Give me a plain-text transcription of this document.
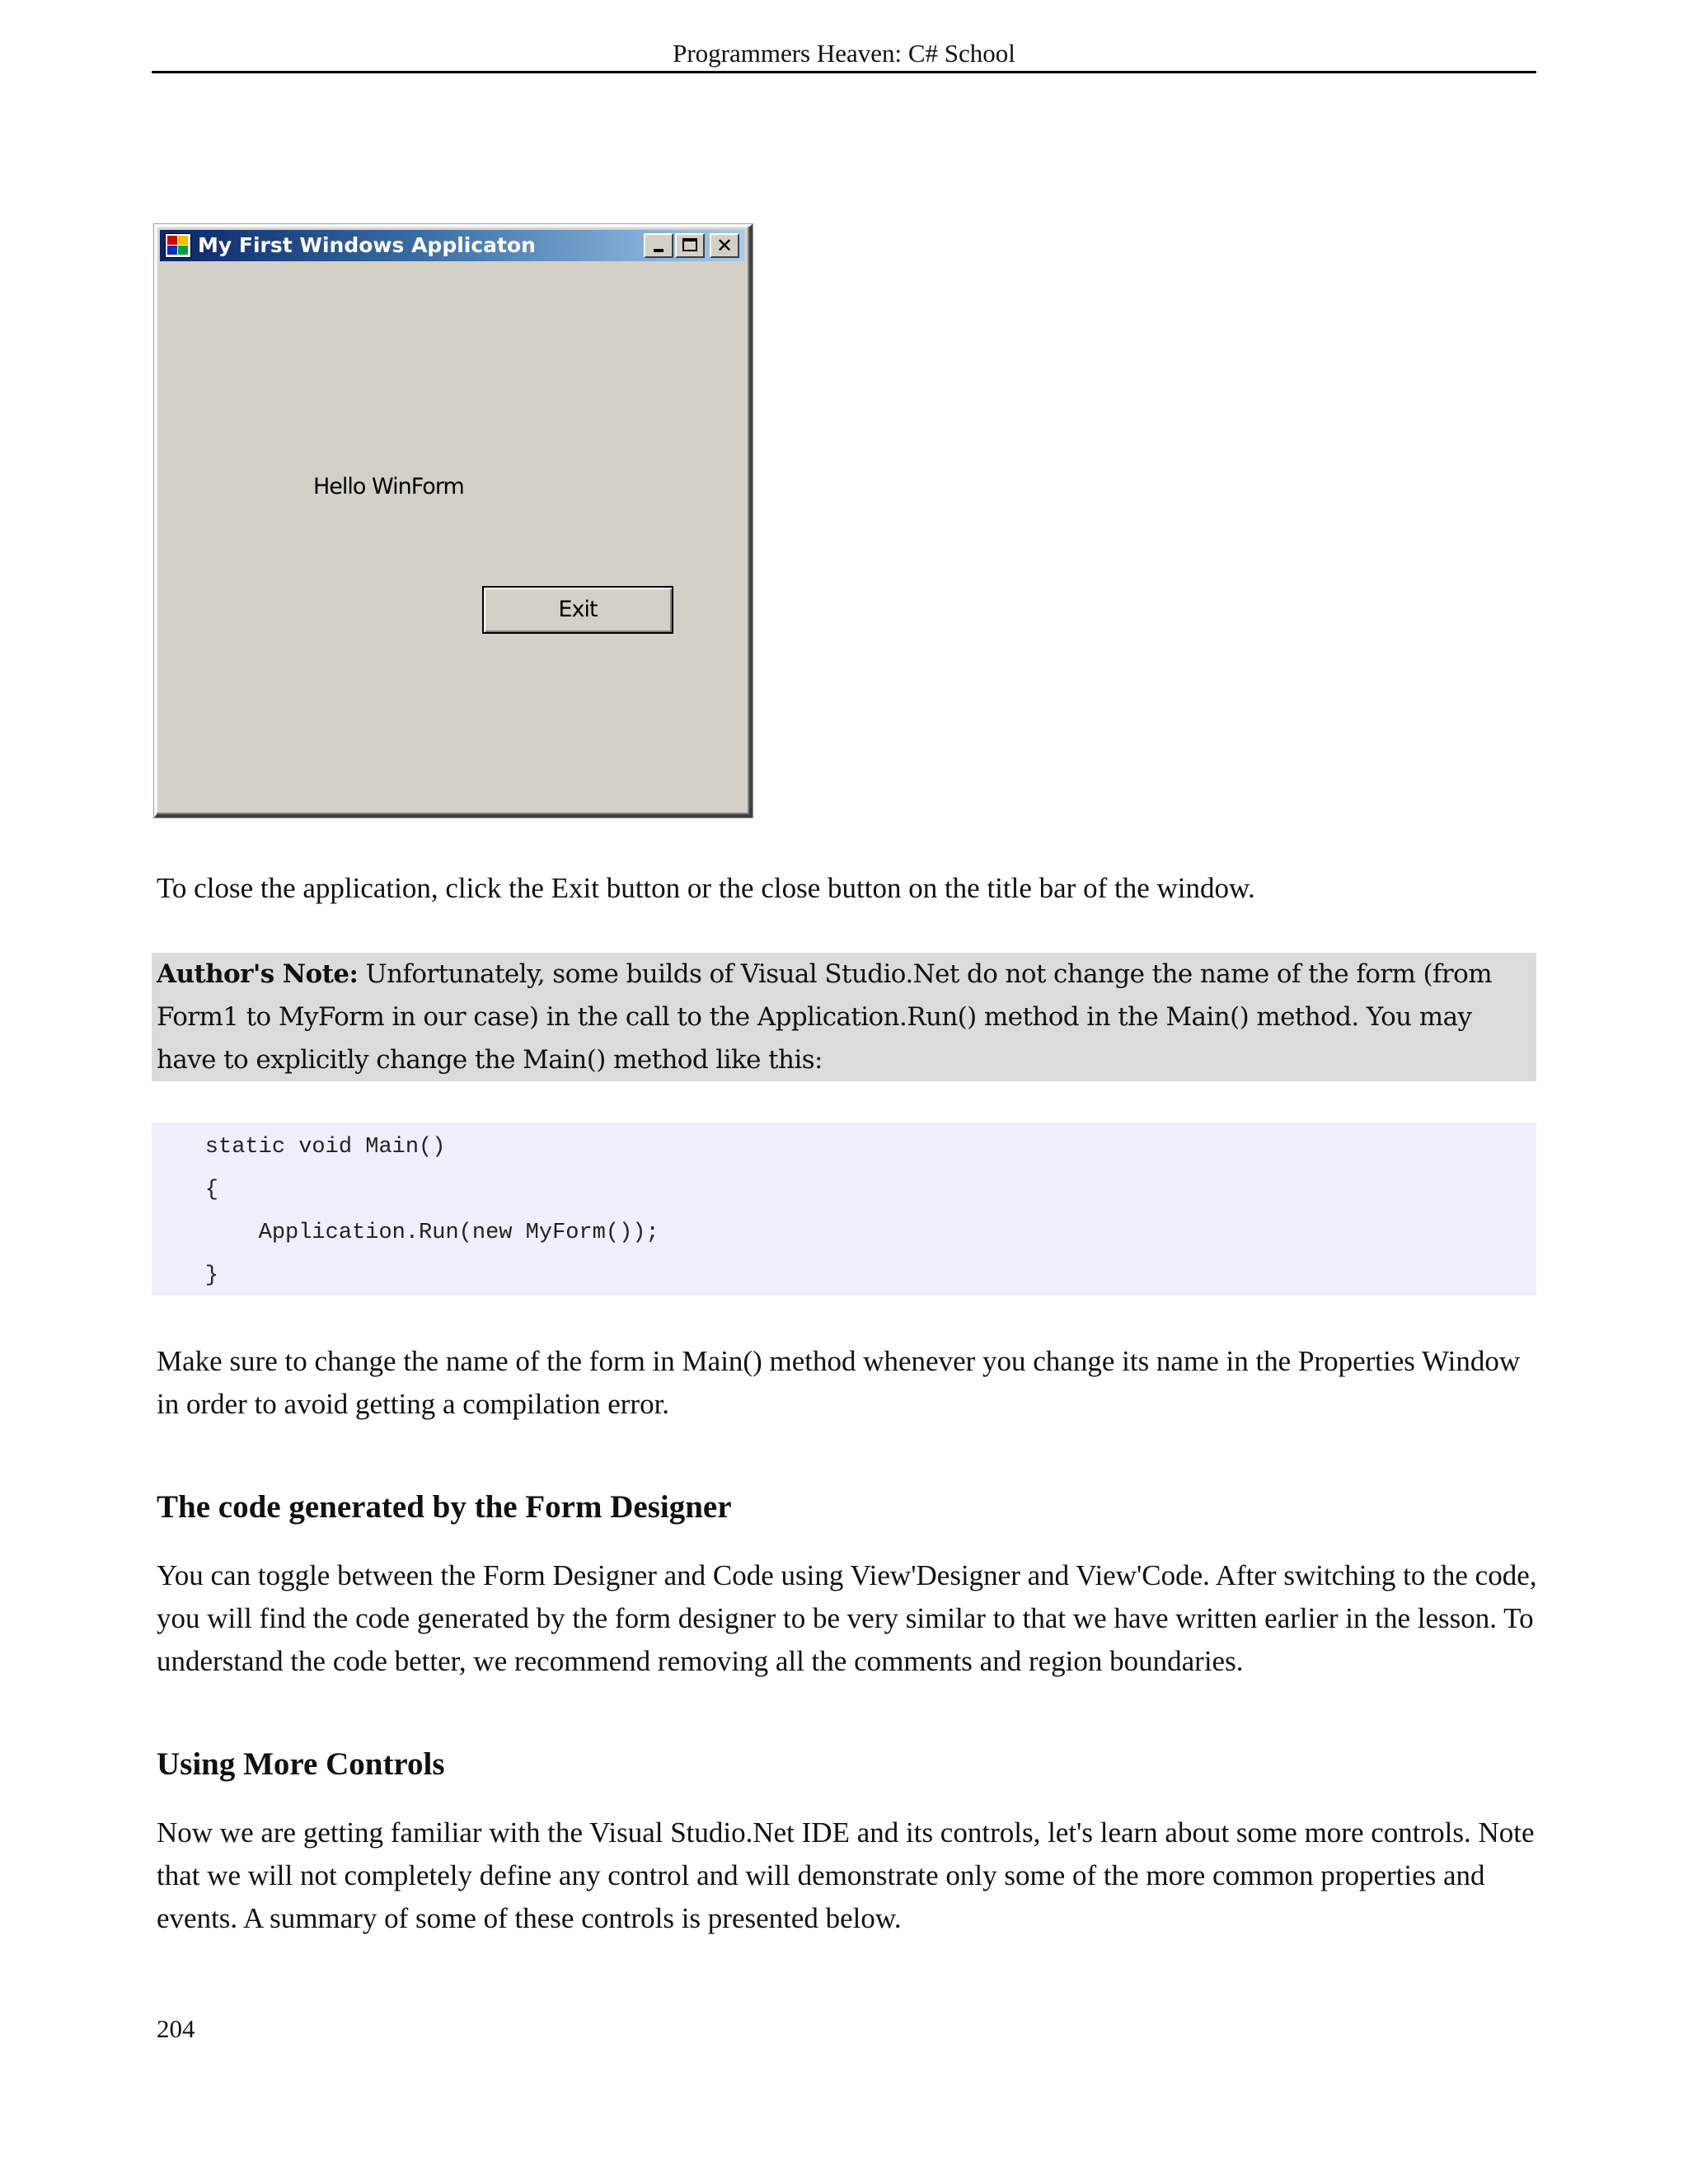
Programmers Heaven: C# School
My First Windows Applicaton	✕
Hello WinForm
Exit

To close the application, click the Exit button or the close button on the title bar of the window.

Author's Note: Unfortunately, some builds of Visual Studio.Net do not change the name of the form (from Form1 to MyForm in our case) in the call to the Application.Run() method in the Main() method. You may have to explicitly change the Main() method like this:
static void Main()
{
Application.Run(new MyForm());
}

Make sure to change the name of the form in Main() method whenever you change its name in the Properties Window in order to avoid getting a compilation error.

The code generated by the Form Designer

You can toggle between the Form Designer and Code using View'Designer and View'Code. After switching to the code, you will find the code generated by the form designer to be very similar to that we have written earlier in the lesson. To understand the code better, we recommend removing all the comments and region boundaries.

Using More Controls

Now we are getting familiar with the Visual Studio.Net IDE and its controls, let's learn about some more controls. Note that we will not completely define any control and will demonstrate only some of the more common properties and events. A summary of some of these controls is presented below.

204
